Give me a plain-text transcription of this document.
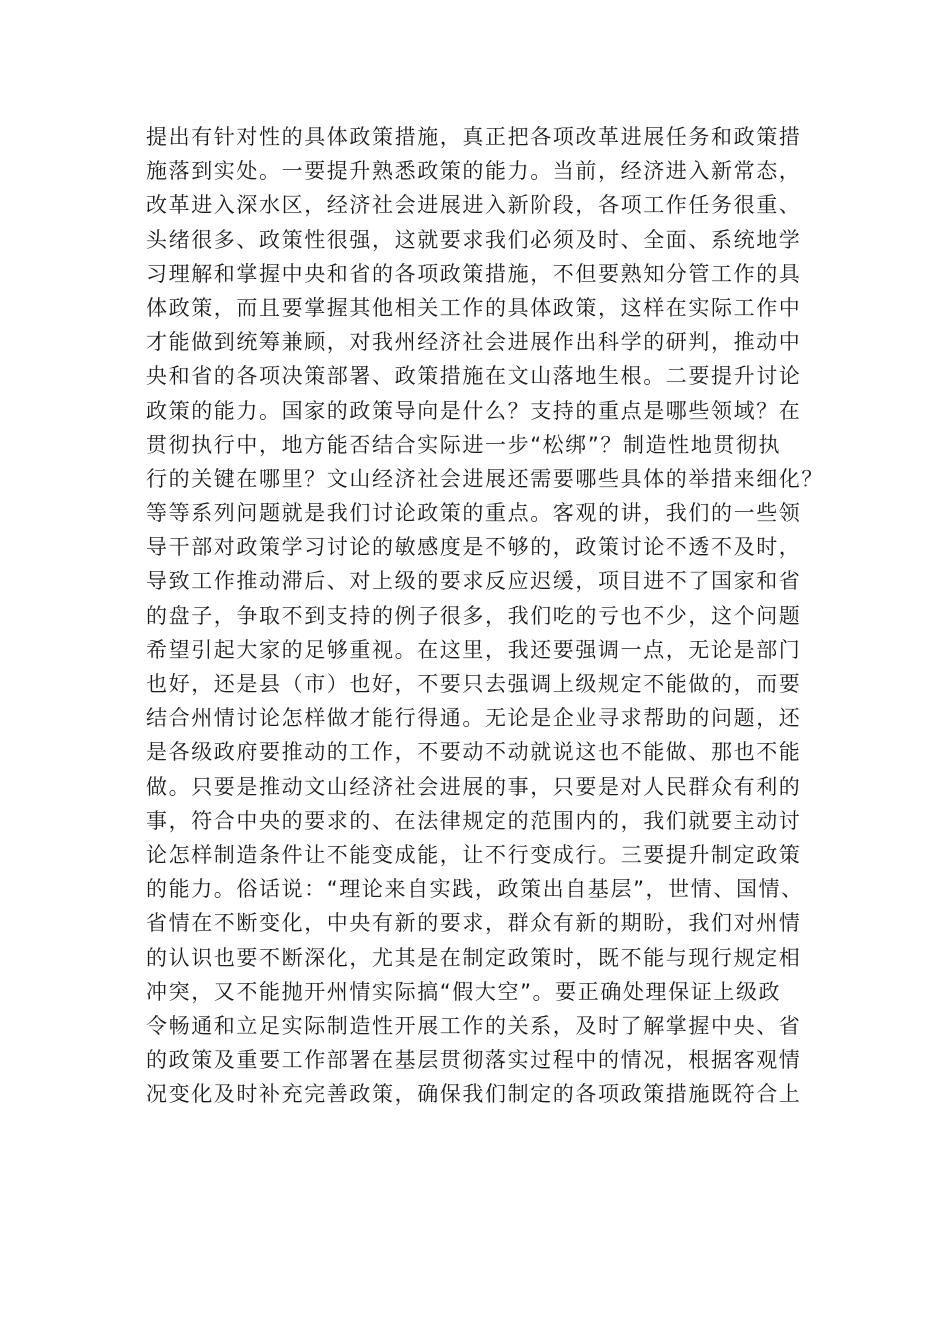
提出有针对性的具体政策措施，真正把各项改革进展任务和政策措
施落到实处。一要提升熟悉政策的能力。当前，经济进入新常态，
改革进入深水区，经济社会进展进入新阶段，各项工作任务很重、
头绪很多、政策性很强，这就要求我们必须及时、全面、系统地学
习理解和掌握中央和省的各项政策措施，不但要熟知分管工作的具
体政策，而且要掌握其他相关工作的具体政策，这样在实际工作中
才能做到统筹兼顾，对我州经济社会进展作出科学的研判，推动中
央和省的各项决策部署、政策措施在文山落地生根。二要提升讨论
政策的能力。国家的政策导向是什么？支持的重点是哪些领域？在
贯彻执行中，地方能否结合实际进一步“松绑”？制造性地贯彻执
行的关键在哪里？文山经济社会进展还需要哪些具体的举措来细化？
等等系列问题就是我们讨论政策的重点。客观的讲，我们的一些领
导干部对政策学习讨论的敏感度是不够的，政策讨论不透不及时，
导致工作推动滞后、对上级的要求反应迟缓，项目进不了国家和省
的盘子，争取不到支持的例子很多，我们吃的亏也不少，这个问题
希望引起大家的足够重视。在这里，我还要强调一点，无论是部门
也好，还是县（市）也好，不要只去强调上级规定不能做的，而要
结合州情讨论怎样做才能行得通。无论是企业寻求帮助的问题，还
是各级政府要推动的工作，不要动不动就说这也不能做、那也不能
做。只要是推动文山经济社会进展的事，只要是对人民群众有利的
事，符合中央的要求的、在法律规定的范围内的，我们就要主动讨
论怎样制造条件让不能变成能，让不行变成行。三要提升制定政策
的能力。俗话说：“理论来自实践，政策出自基层”，世情、国情、
省情在不断变化，中央有新的要求，群众有新的期盼，我们对州情
的认识也要不断深化，尤其是在制定政策时，既不能与现行规定相
冲突，又不能抛开州情实际搞“假大空”。要正确处理保证上级政
令畅通和立足实际制造性开展工作的关系，及时了解掌握中央、省
的政策及重要工作部署在基层贯彻落实过程中的情况，根据客观情
况变化及时补充完善政策，确保我们制定的各项政策措施既符合上
